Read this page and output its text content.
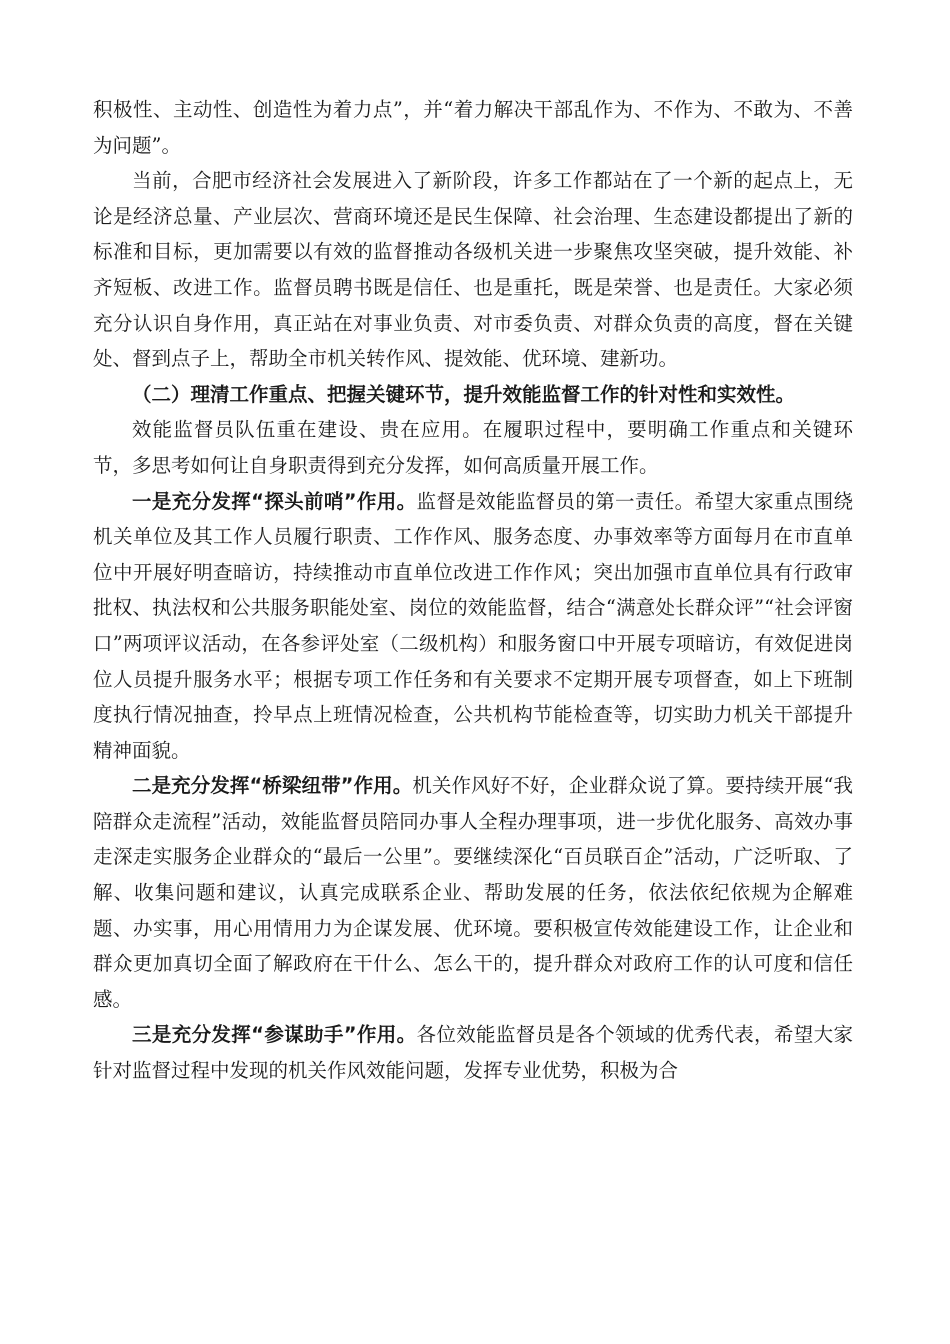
积极性、主动性、创造性为着力点”，并“着力解决干部乱作为、不作为、不敢为、不善为问题”。

当前，合肥市经济社会发展进入了新阶段，许多工作都站在了一个新的起点上，无论是经济总量、产业层次、营商环境还是民生保障、社会治理、生态建设都提出了新的标准和目标，更加需要以有效的监督推动各级机关进一步聚焦攻坚突破，提升效能、补齐短板、改进工作。监督员聘书既是信任、也是重托，既是荣誉、也是责任。大家必须充分认识自身作用，真正站在对事业负责、对市委负责、对群众负责的高度，督在关键处、督到点子上，帮助全市机关转作风、提效能、优环境、建新功。

（二）理清工作重点、把握关键环节，提升效能监督工作的针对性和实效性。

效能监督员队伍重在建设、贵在应用。在履职过程中，要明确工作重点和关键环节，多思考如何让自身职责得到充分发挥，如何高质量开展工作。

一是充分发挥“探头前哨”作用。监督是效能监督员的第一责任。希望大家重点围绕机关单位及其工作人员履行职责、工作作风、服务态度、办事效率等方面每月在市直单位中开展好明查暗访，持续推动市直单位改进工作作风；突出加强市直单位具有行政审批权、执法权和公共服务职能处室、岗位的效能监督，结合“满意处长群众评”“社会评窗口”两项评议活动，在各参评处室（二级机构）和服务窗口中开展专项暗访，有效促进岗位人员提升服务水平；根据专项工作任务和有关要求不定期开展专项督查，如上下班制度执行情况抽查，拎早点上班情况检查，公共机构节能检查等，切实助力机关干部提升精神面貌。

二是充分发挥“桥梁纽带”作用。机关作风好不好，企业群众说了算。要持续开展“我陪群众走流程”活动，效能监督员陪同办事人全程办理事项，进一步优化服务、高效办事走深走实服务企业群众的“最后一公里”。要继续深化“百员联百企”活动，广泛听取、了解、收集问题和建议，认真完成联系企业、帮助发展的任务，依法依纪依规为企解难题、办实事，用心用情用力为企谋发展、优环境。要积极宣传效能建设工作，让企业和群众更加真切全面了解政府在干什么、怎么干的，提升群众对政府工作的认可度和信任感。

三是充分发挥“参谋助手”作用。各位效能监督员是各个领域的优秀代表，希望大家针对监督过程中发现的机关作风效能问题，发挥专业优势，积极为合
